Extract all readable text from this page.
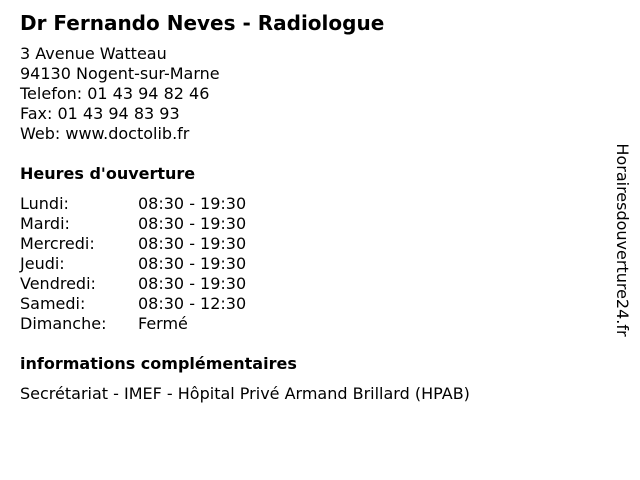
Dr Fernando Neves - Radiologue
3 Avenue Watteau
94130 Nogent-sur-Marne
Telefon: 01 43 94 82 46
Fax: 01 43 94 83 93
Web: www.doctolib.fr
Heures d'ouverture
Lundi:	08:30 - 19:30
Mardi:	08:30 - 19:30
Mercredi:	08:30 - 19:30
Jeudi:	08:30 - 19:30
Vendredi:	08:30 - 19:30
Samedi:	08:30 - 12:30
Dimanche:	Fermé
informations complémentaires
Secrétariat - IMEF - Hôpital Privé Armand Brillard (HPAB)
Horairesdouverture24.fr
